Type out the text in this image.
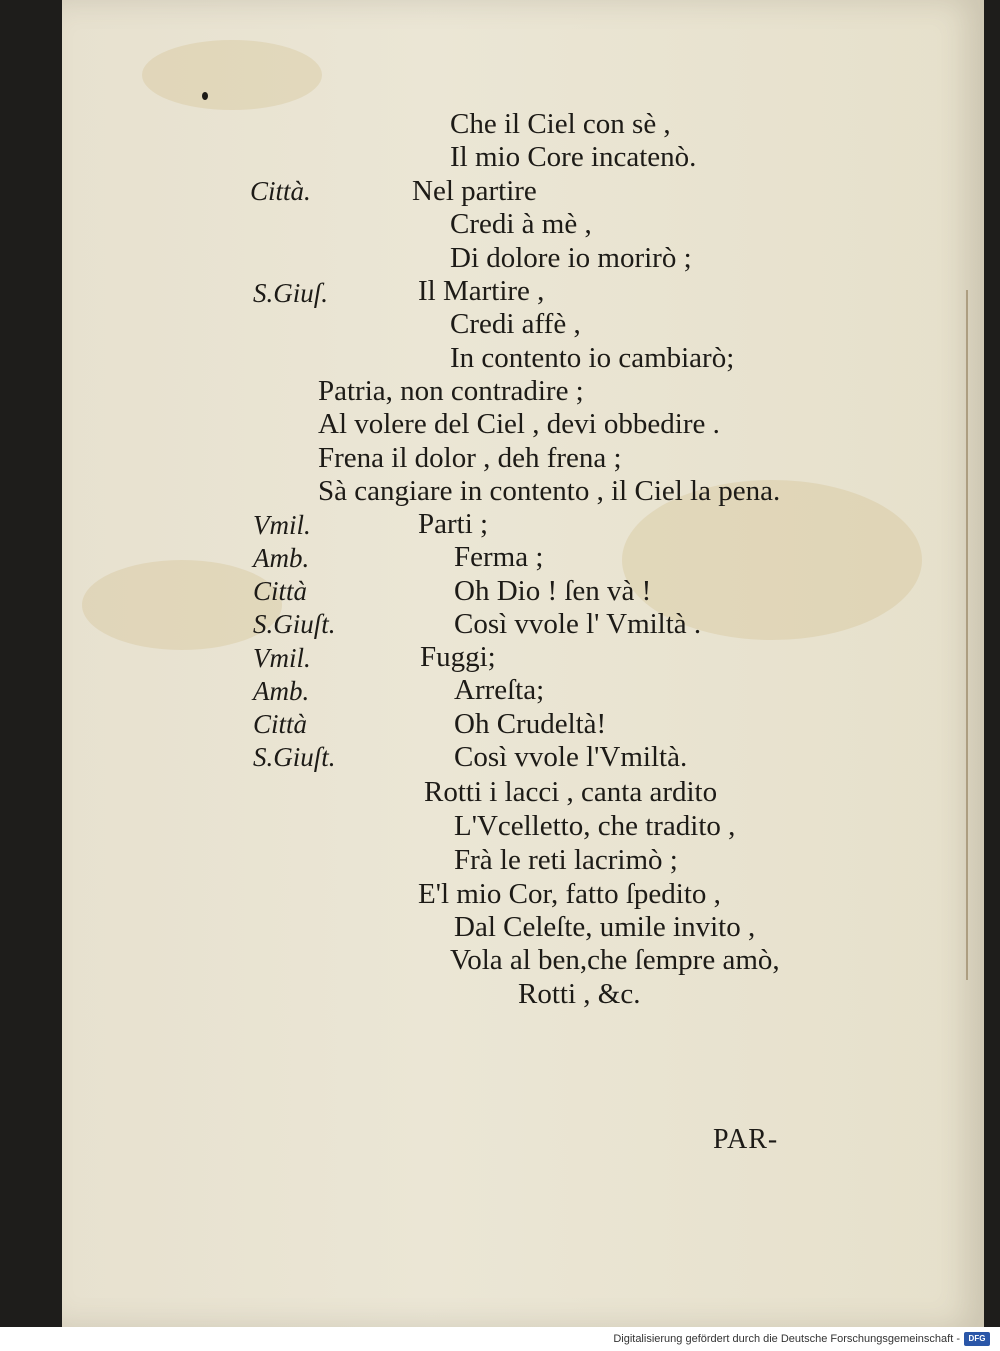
Città.
S.Giuſ.
Vmil.
Amb.
Città
S.Giuſt.
Vmil.
Amb.
Città
S.Giuſt.
Che il Ciel con sè ,
Il mio Core incatenò.
Nel partire
Credi à mè ,
Di dolore io morirò ;
Il Martire ,
Credi affè ,
In contento io cambiarò;
Patria, non contradire ;
Al volere del Ciel , devi obbedire .
Frena il dolor , deh frena ;
Sà cangiare in contento , il Ciel la pena.
Parti ;
Ferma ;
Oh Dio ! ſen và !
Così vvole l' Vmiltà .
Fuggi;
Arreſta;
Oh Crudeltà!
Così vvole l'Vmiltà.
Rotti i lacci , canta ardito
L'Vcelletto, che tradito ,
Frà le reti lacrimò ;
E'l mio Cor, fatto ſpedito ,
Dal Celeſte, umile invito ,
Vola al ben,che ſempre amò,
Rotti , &c.
PAR-
Digitalisierung gefördert durch die Deutsche Forschungsgemeinschaft -	DFG
